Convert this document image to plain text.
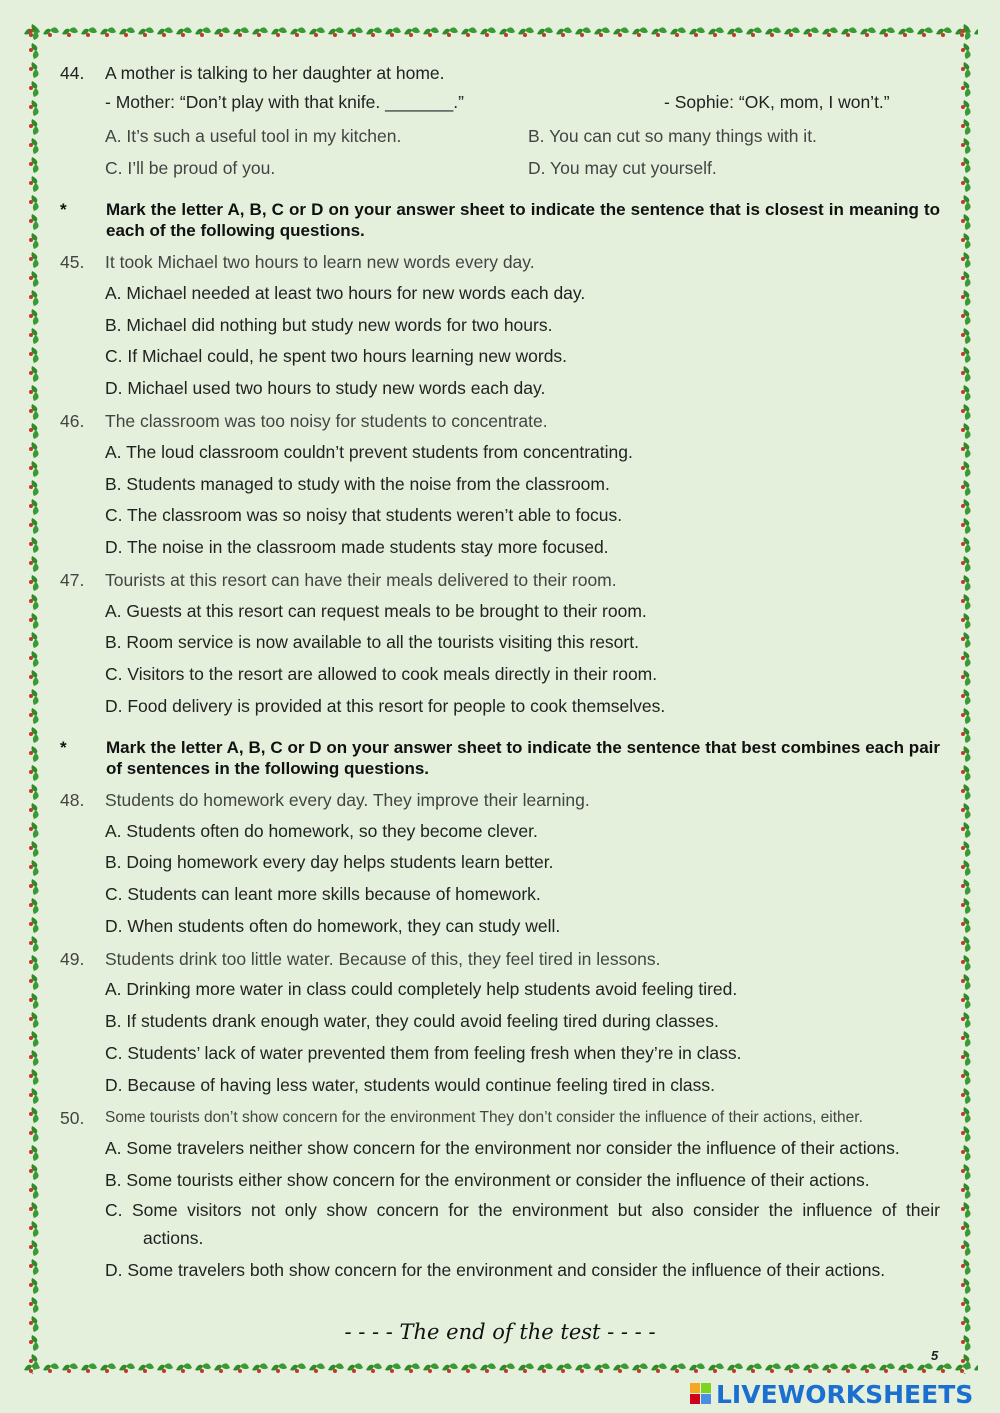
44. A mother is talking to her daughter at home.
- Mother: “Don’t play with that knife. _______.”	- Sophie: “OK, mom, I won’t.”
A. It’s such a useful tool in my kitchen.	B. You can cut so many things with it.
C. I’ll be proud of you.	D. You may cut yourself.
* Mark the letter A, B, C or D on your answer sheet to indicate the sentence that is closest in meaning to each of the following questions.
45. It took Michael two hours to learn new words every day.
A. Michael needed at least two hours for new words each day.
B. Michael did nothing but study new words for two hours.
C. If Michael could, he spent two hours learning new words.
D. Michael used two hours to study new words each day.
46. The classroom was too noisy for students to concentrate.
A. The loud classroom couldn’t prevent students from concentrating.
B. Students managed to study with the noise from the classroom.
C. The classroom was so noisy that students weren’t able to focus.
D. The noise in the classroom made students stay more focused.
47. Tourists at this resort can have their meals delivered to their room.
A. Guests at this resort can request meals to be brought to their room.
B. Room service is now available to all the tourists visiting this resort.
C. Visitors to the resort are allowed to cook meals directly in their room.
D. Food delivery is provided at this resort for people to cook themselves.
* Mark the letter A, B, C or D on your answer sheet to indicate the sentence that best combines each pair of sentences in the following questions.
48. Students do homework every day. They improve their learning.
A. Students often do homework, so they become clever.
B. Doing homework every day helps students learn better.
C. Students can leant more skills because of homework.
D. When students often do homework, they can study well.
49. Students drink too little water. Because of this, they feel tired in lessons.
A. Drinking more water in class could completely help students avoid feeling tired.
B. If students drank enough water, they could avoid feeling tired during classes.
C. Students’ lack of water prevented them from feeling fresh when they’re in class.
D. Because of having less water, students would continue feeling tired in class.
50. Some tourists don’t show concern for the environment They don’t consider the influence of their actions, either.
A. Some travelers neither show concern for the environment nor consider the influence of their actions.
B. Some tourists either show concern for the environment or consider the influence of their actions.
C. Some visitors not only show concern for the environment but also consider the influence of their
actions.
D. Some travelers both show concern for the environment and consider the influence of their actions.
- - - - The end of the test - - - -
5
LIVEWORKSHEETS
